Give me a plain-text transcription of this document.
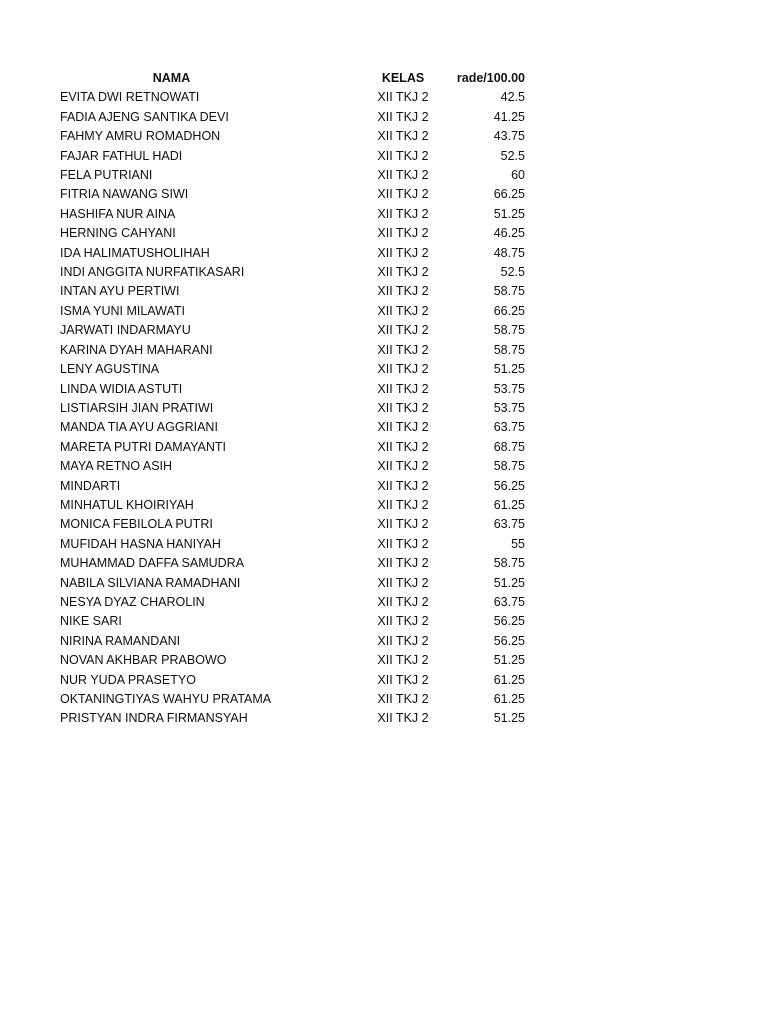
NAMA		KELAS	rade/100.00
EVITA DWI RETNOWATI		XII TKJ 2	42.5
FADIA AJENG SANTIKA DEVI		XII TKJ 2	41.25
FAHMY AMRU ROMADHON		XII TKJ 2	43.75
FAJAR FATHUL HADI		XII TKJ 2	52.5
FELA PUTRIANI		XII TKJ 2	60
FITRIA NAWANG SIWI		XII TKJ 2	66.25
HASHIFA NUR AINA		XII TKJ 2	51.25
HERNING CAHYANI		XII TKJ 2	46.25
IDA HALIMATUSHOLIHAH		XII TKJ 2	48.75
INDI ANGGITA NURFATIKASARI		XII TKJ 2	52.5
INTAN AYU PERTIWI		XII TKJ 2	58.75
ISMA YUNI MILAWATI		XII TKJ 2	66.25
JARWATI INDARMAYU		XII TKJ 2	58.75
KARINA DYAH MAHARANI		XII TKJ 2	58.75
LENY AGUSTINA		XII TKJ 2	51.25
LINDA WIDIA ASTUTI		XII TKJ 2	53.75
LISTIARSIH JIAN PRATIWI		XII TKJ 2	53.75
MANDA TIA AYU AGGRIANI		XII TKJ 2	63.75
MARETA PUTRI DAMAYANTI		XII TKJ 2	68.75
MAYA RETNO ASIH		XII TKJ 2	58.75
MINDARTI		XII TKJ 2	56.25
MINHATUL KHOIRIYAH		XII TKJ 2	61.25
MONICA FEBILOLA PUTRI		XII TKJ 2	63.75
MUFIDAH HASNA HANIYAH		XII TKJ 2	55
MUHAMMAD DAFFA SAMUDRA		XII TKJ 2	58.75
NABILA SILVIANA RAMADHANI		XII TKJ 2	51.25
NESYA DYAZ CHAROLIN		XII TKJ 2	63.75
NIKE SARI		XII TKJ 2	56.25
NIRINA RAMANDANI		XII TKJ 2	56.25
NOVAN AKHBAR PRABOWO		XII TKJ 2	51.25
NUR YUDA PRASETYO		XII TKJ 2	61.25
OKTANINGTIYAS WAHYU PRATAMA		XII TKJ 2	61.25
PRISTYAN INDRA FIRMANSYAH		XII TKJ 2	51.25
